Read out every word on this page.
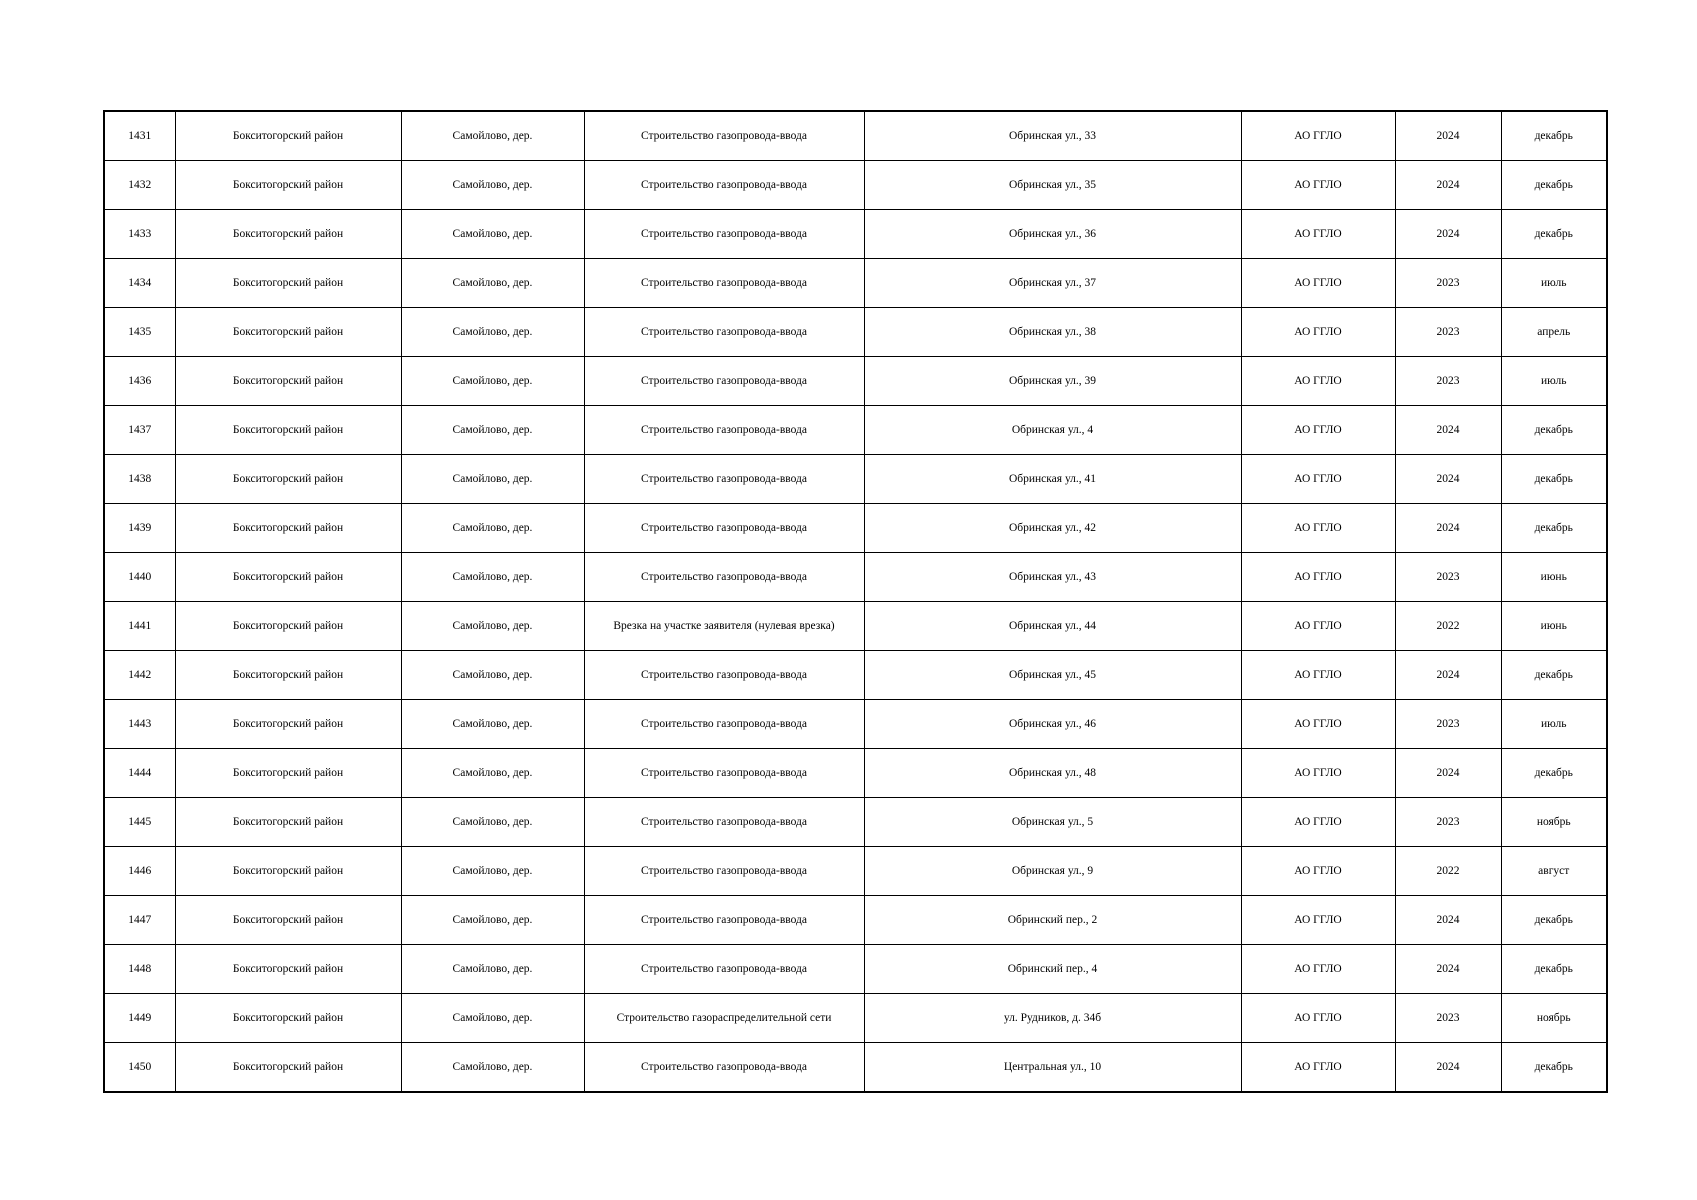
1431	Бокситогорский район	Самойлово, дер.	Строительство газопровода-ввода	Обринская ул., 33	АО ГГЛО	2024	декабрь
1432	Бокситогорский район	Самойлово, дер.	Строительство газопровода-ввода	Обринская ул., 35	АО ГГЛО	2024	декабрь
1433	Бокситогорский район	Самойлово, дер.	Строительство газопровода-ввода	Обринская ул., 36	АО ГГЛО	2024	декабрь
1434	Бокситогорский район	Самойлово, дер.	Строительство газопровода-ввода	Обринская ул., 37	АО ГГЛО	2023	июль
1435	Бокситогорский район	Самойлово, дер.	Строительство газопровода-ввода	Обринская ул., 38	АО ГГЛО	2023	апрель
1436	Бокситогорский район	Самойлово, дер.	Строительство газопровода-ввода	Обринская ул., 39	АО ГГЛО	2023	июль
1437	Бокситогорский район	Самойлово, дер.	Строительство газопровода-ввода	Обринская ул., 4	АО ГГЛО	2024	декабрь
1438	Бокситогорский район	Самойлово, дер.	Строительство газопровода-ввода	Обринская ул., 41	АО ГГЛО	2024	декабрь
1439	Бокситогорский район	Самойлово, дер.	Строительство газопровода-ввода	Обринская ул., 42	АО ГГЛО	2024	декабрь
1440	Бокситогорский район	Самойлово, дер.	Строительство газопровода-ввода	Обринская ул., 43	АО ГГЛО	2023	июнь
1441	Бокситогорский район	Самойлово, дер.	Врезка на участке заявителя (нулевая врезка)	Обринская ул., 44	АО ГГЛО	2022	июнь
1442	Бокситогорский район	Самойлово, дер.	Строительство газопровода-ввода	Обринская ул., 45	АО ГГЛО	2024	декабрь
1443	Бокситогорский район	Самойлово, дер.	Строительство газопровода-ввода	Обринская ул., 46	АО ГГЛО	2023	июль
1444	Бокситогорский район	Самойлово, дер.	Строительство газопровода-ввода	Обринская ул., 48	АО ГГЛО	2024	декабрь
1445	Бокситогорский район	Самойлово, дер.	Строительство газопровода-ввода	Обринская ул., 5	АО ГГЛО	2023	ноябрь
1446	Бокситогорский район	Самойлово, дер.	Строительство газопровода-ввода	Обринская ул., 9	АО ГГЛО	2022	август
1447	Бокситогорский район	Самойлово, дер.	Строительство газопровода-ввода	Обринский пер., 2	АО ГГЛО	2024	декабрь
1448	Бокситогорский район	Самойлово, дер.	Строительство газопровода-ввода	Обринский пер., 4	АО ГГЛО	2024	декабрь
1449	Бокситогорский район	Самойлово, дер.	Строительство газораспределительной сети	ул. Рудников, д. 34б	АО ГГЛО	2023	ноябрь
1450	Бокситогорский район	Самойлово, дер.	Строительство газопровода-ввода	Центральная ул., 10	АО ГГЛО	2024	декабрь
